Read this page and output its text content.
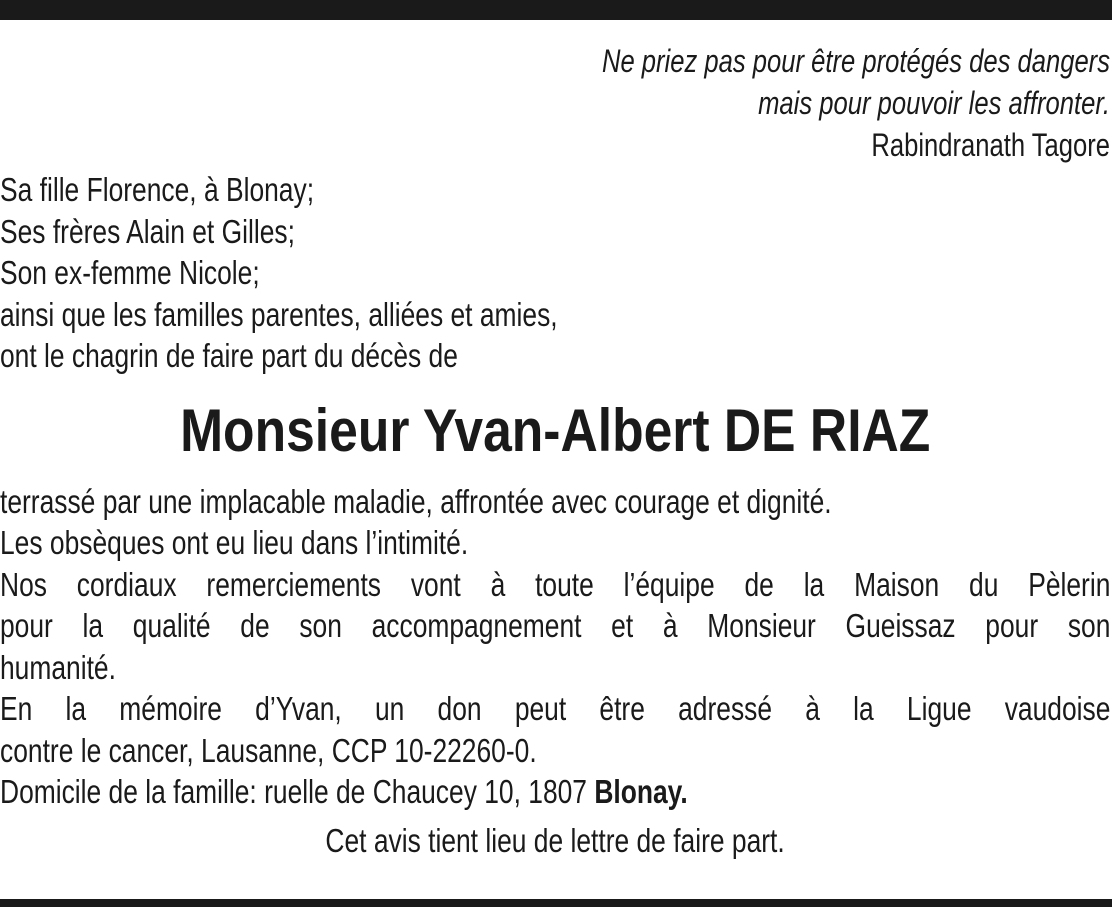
Ne priez pas pour être protégés des dangers
mais pour pouvoir les affronter.
Rabindranath Tagore
Sa fille Florence, à Blonay;
Ses frères Alain et Gilles;
Son ex-femme Nicole;
ainsi que les familles parentes, alliées et amies,
ont le chagrin de faire part du décès de
Monsieur Yvan-Albert DE RIAZ
terrassé par une implacable maladie, affrontée avec courage et dignité.
Les obsèques ont eu lieu dans l’intimité.
Nos cordiaux remerciements vont à toute l’équipe de la Maison du Pèlerin
pour la qualité de son accompagnement et à Monsieur Gueissaz pour son
humanité.
En la mémoire d’Yvan, un don peut être adressé à la Ligue vaudoise
contre le cancer, Lausanne, CCP 10-22260-0.
Domicile de la famille: ruelle de Chaucey 10, 1807 Blonay.
Cet avis tient lieu de lettre de faire part.
